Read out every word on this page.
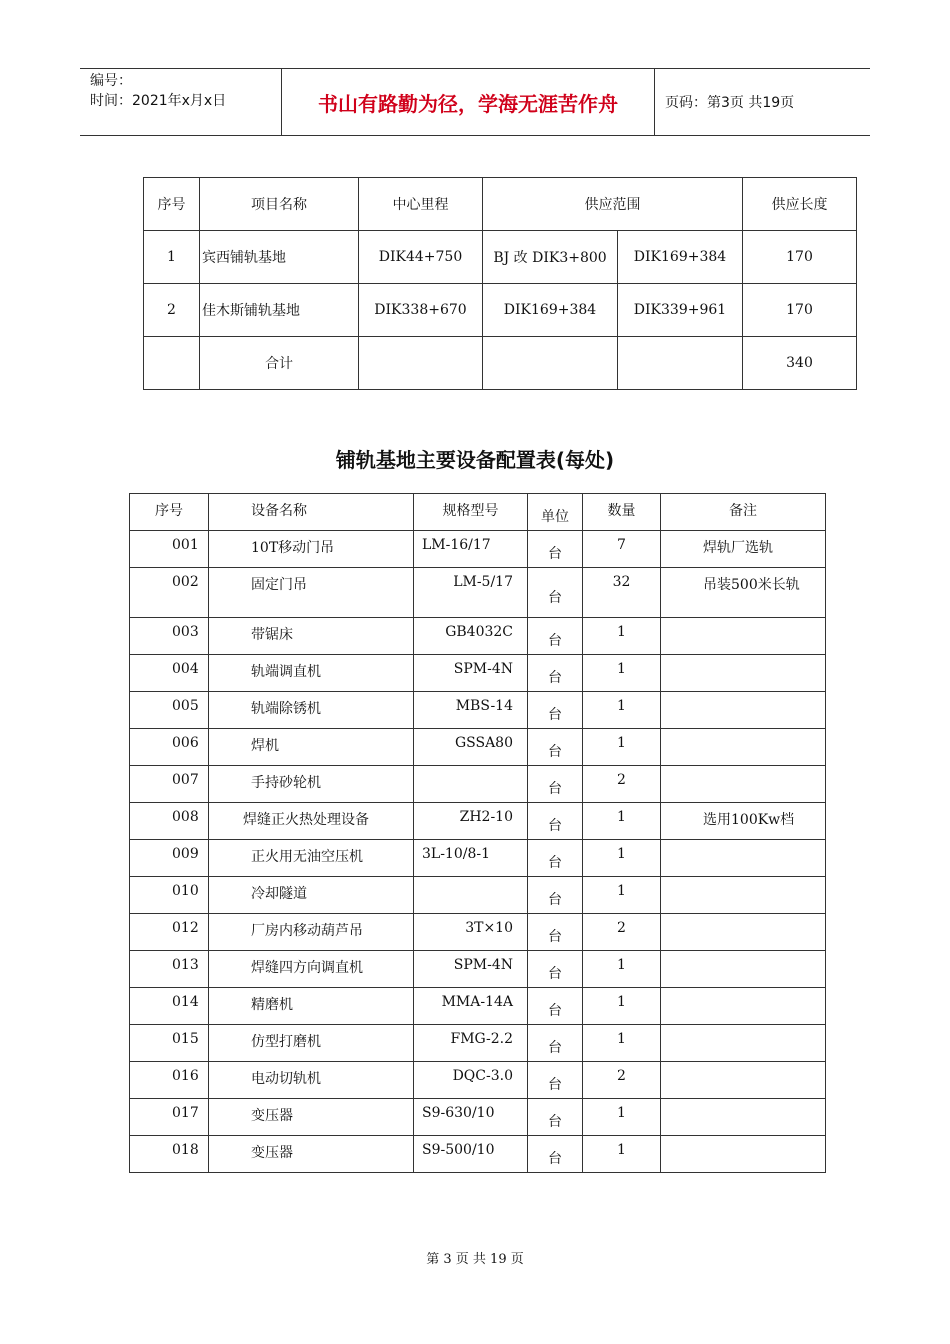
编号：
时间：2021年x月x日	书山有路勤为径，学海无涯苦作舟	页码：第3页 共19页
序号	项目名称	中心里程	供应范围		供应长度
1	宾西铺轨基地	DIK44+750	BJ 改 DIK3+800	DIK169+384	170
2	佳木斯铺轨基地	DIK338+670	DIK169+384	DIK339+961	170
	合计				340
铺轨基地主要设备配置表(每处)
序号	设备名称	规格型号	单位	数量	备注
001	10T移动门吊	LM-16/17	台	7	焊轨厂选轨
002	固定门吊	LM-5/17	台	32	吊装500米长轨
003	带锯床	GB4032C	台	1	
004	轨端调直机	SPM-4N	台	1	
005	轨端除锈机	MBS-14	台	1	
006	焊机	GSSA80	台	1	
007	手持砂轮机		台	2	
008	焊缝正火热处理设备	ZH2-10	台	1	选用100Kw档
009	正火用无油空压机	3L-10/8-1	台	1	
010	冷却隧道		台	1	
012	厂房内移动葫芦吊	3T×10	台	2	
013	焊缝四方向调直机	SPM-4N	台	1	
014	精磨机	MMA-14A	台	1	
015	仿型打磨机	FMG-2.2	台	1	
016	电动切轨机	DQC-3.0	台	2	
017	变压器	S9-630/10	台	1	
018	变压器	S9-500/10	台	1	
第 3 页 共 19 页
